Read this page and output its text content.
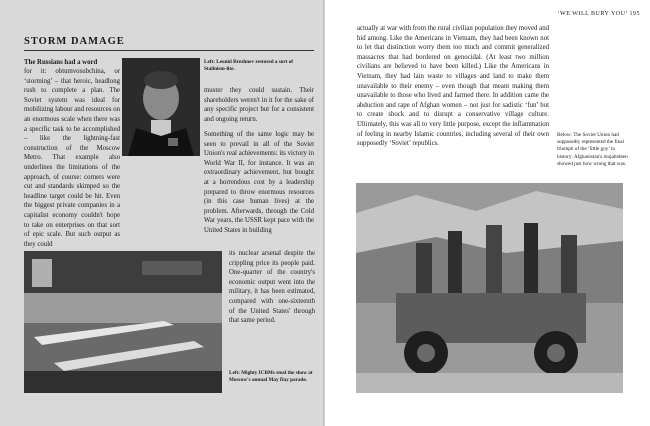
STORM DAMAGE

The Russians had a word

for it: obtumvosubchina, or ‘storming’ – that heroic, headlong rush to complete a plan. The Soviet system was ideal for mobilizing labour and resources on an enormous scale when there was a specific task to be accomplished – like the lightning-fast construction of the Moscow Metro. That example also underlines the limitations of the approach, of course: corners were cut and standards skimped so the headline target could be hit. Even the biggest private companies in a capitalist economy couldn't hope to take on enterprises on that sort of epic scale. But such output as they could

Left: Leonid Brezhnev restored a sort of Stalinism-lite.

muster they could sustain. Their shareholders weren't in it for the sake of any specific project but for a consistent and ongoing return.

Something of the same logic may be seen to prevail in all of the Soviet Union's real achievements: its victory in World War II, for instance. It was an extraordinary achievement, but bought at a horrendous cost by a leadership prepared to throw enormous resources (in this case human lives) at the problem. Afterwards, through the Cold War years, the USSR kept pace with the United States in building

its nuclear arsenal despite the crippling price its people paid. One-quarter of the country's economic output went into the military, it has been estimated, compared with one-sixteenth of the United States' through that same period.

Left: Mighty ICBMs steal the show at Moscow's annual May Day parade.

‘WE WILL BURY YOU’ 195

actually at war with from the rural civilian population they moved and hid among. Like the Americans in Vietnam, they had been known not to let that distinction worry them too much and commit generalized massacres that had bordered on genocidal. (At least two million civilians are believed to have been killed.) Like the Americans in Vietnam, they had lain waste to villages and land to make them unavailable to their enemy – even though that meant making them unavailable to those who lived and farmed there. In addition came the abduction and rape of Afghan women – not just for sadistic ‘fun’ but to create shock and to disrupt a conservative village culture. Ultimately, this was all to very little purpose, except the inflammation of feeling in nearby Islamic countries, including several of their own supposedly ‘Soviet’ republics.

Below: The Soviet Union had supposedly represented the final triumph of the ‘little guy’ in history: Afghanistan's mujahideen showed just how wrong that was.
